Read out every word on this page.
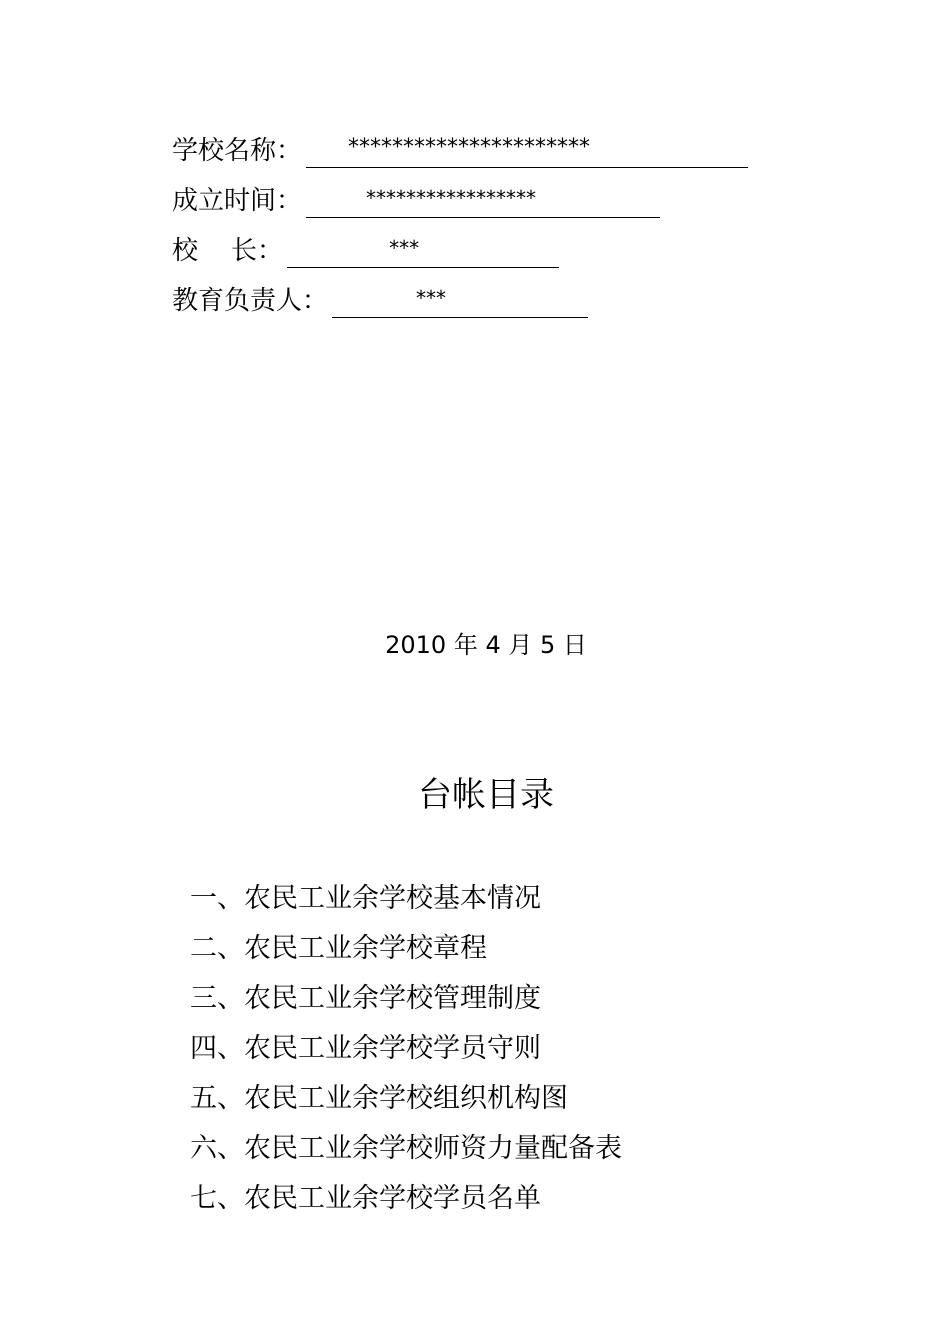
学校名称： **********************
成立时间：	*****************
校    长：	***
教育负责人：	***
2010 年 4 月 5 日
台帐目录
一、农民工业余学校基本情况
二、农民工业余学校章程
三、农民工业余学校管理制度
四、农民工业余学校学员守则
五、农民工业余学校组织机构图
六、农民工业余学校师资力量配备表
七、农民工业余学校学员名单
